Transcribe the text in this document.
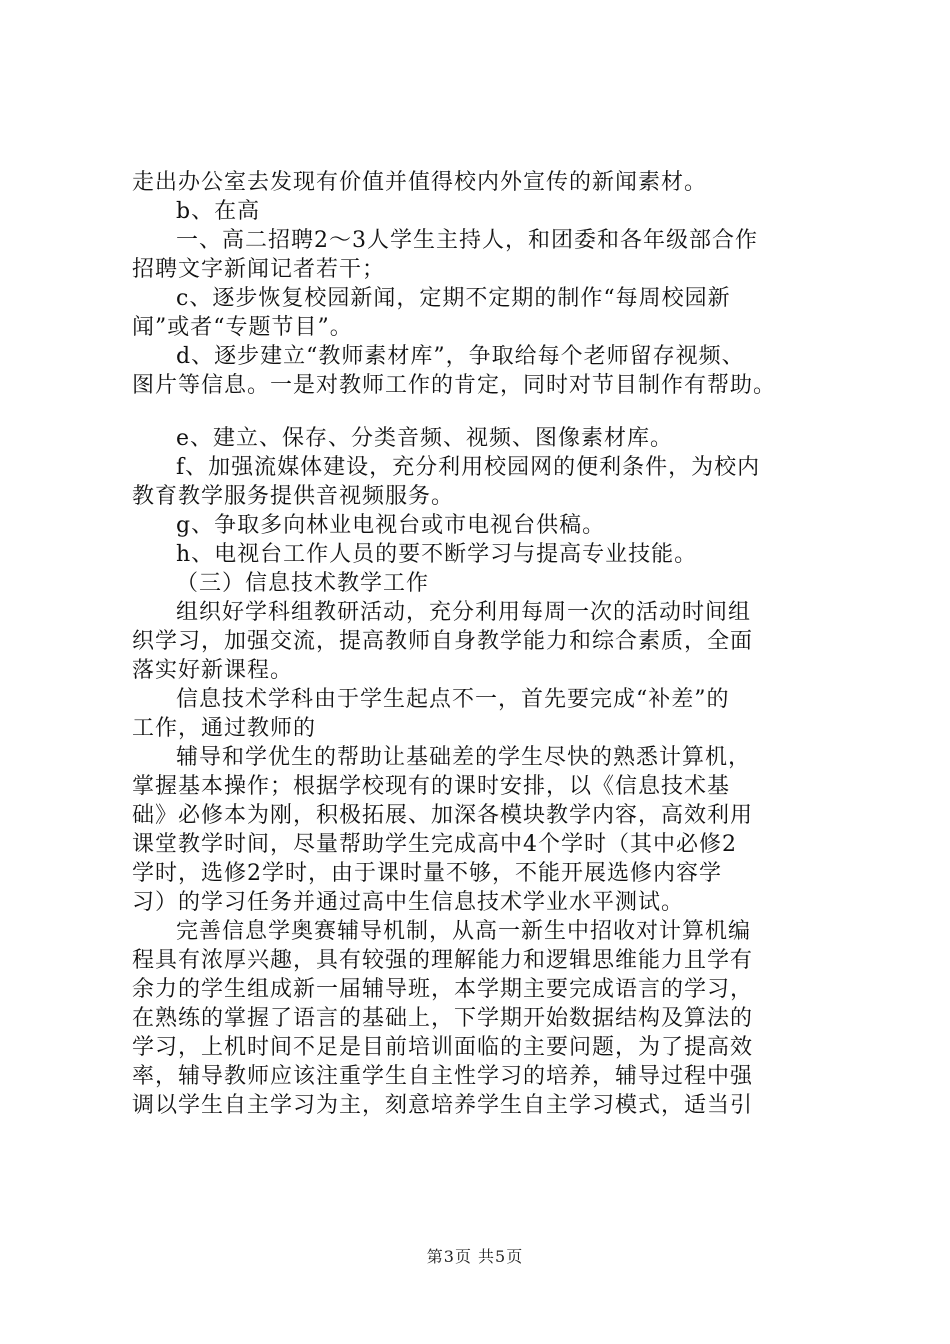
走出办公室去发现有价值并值得校内外宣传的新闻素材。
b、在高
一、高二招聘2～3人学生主持人，和团委和各年级部合作
招聘文字新闻记者若干；
c、逐步恢复校园新闻，定期不定期的制作“每周校园新
闻”或者“专题节目”。
d、逐步建立“教师素材库”，争取给每个老师留存视频、
图片等信息。一是对教师工作的肯定，同时对节目制作有帮助。
e、建立、保存、分类音频、视频、图像素材库。
f、加强流媒体建设，充分利用校园网的便利条件，为校内
教育教学服务提供音视频服务。
g、争取多向林业电视台或市电视台供稿。
h、电视台工作人员的要不断学习与提高专业技能。
（三）信息技术教学工作
组织好学科组教研活动，充分利用每周一次的活动时间组
织学习，加强交流，提高教师自身教学能力和综合素质，全面
落实好新课程。
信息技术学科由于学生起点不一，首先要完成“补差”的
工作，通过教师的
辅导和学优生的帮助让基础差的学生尽快的熟悉计算机，
掌握基本操作；根据学校现有的课时安排，以《信息技术基
础》必修本为刚，积极拓展、加深各模块教学内容，高效利用
课堂教学时间，尽量帮助学生完成高中4个学时（其中必修2
学时，选修2学时，由于课时量不够，不能开展选修内容学
习）的学习任务并通过高中生信息技术学业水平测试。
完善信息学奥赛辅导机制，从高一新生中招收对计算机编
程具有浓厚兴趣，具有较强的理解能力和逻辑思维能力且学有
余力的学生组成新一届辅导班，本学期主要完成语言的学习，
在熟练的掌握了语言的基础上，下学期开始数据结构及算法的
学习，上机时间不足是目前培训面临的主要问题，为了提高效
率，辅导教师应该注重学生自主性学习的培养，辅导过程中强
调以学生自主学习为主，刻意培养学生自主学习模式，适当引
第3页 共5页
